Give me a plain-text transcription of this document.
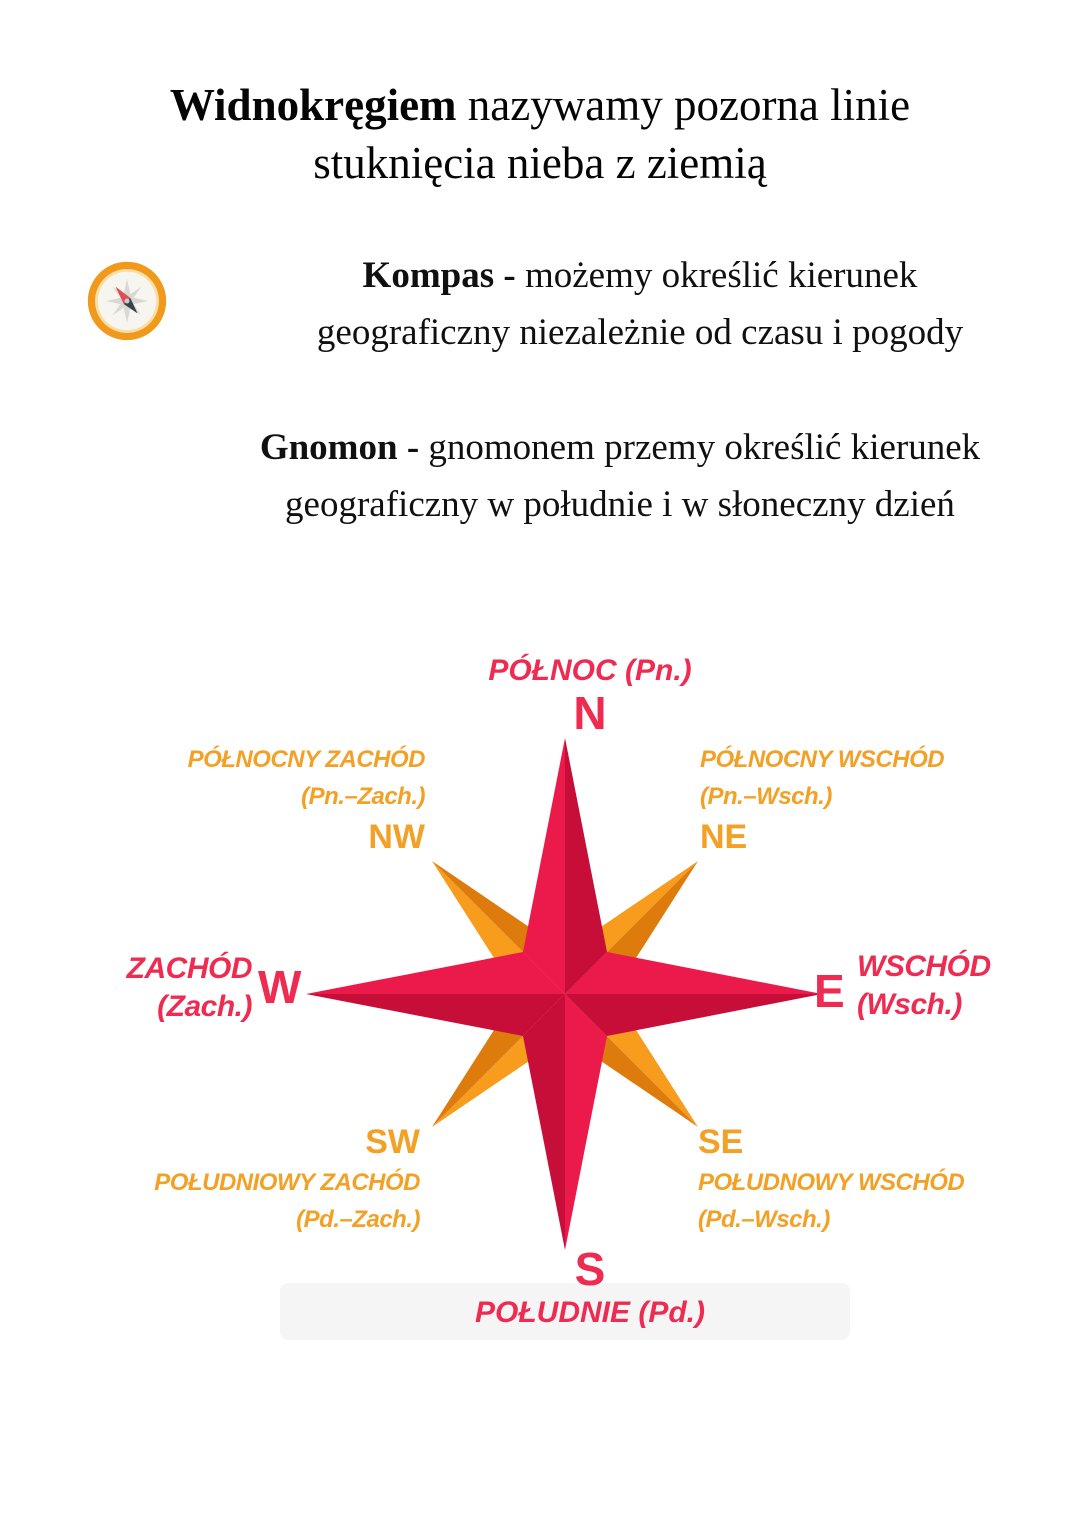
Widnokręgiem nazywamy pozorna linie
stuknięcia nieba z ziemią
Kompas - możemy określić kierunek
geograficzny niezależnie od czasu i pogody
Gnomon - gnomonem przemy określić kierunek
geograficzny w południe i w słoneczny dzień
PÓŁNOC (Pn.)
N
PÓŁNOCNY ZACHÓD
(Pn.–Zach.)
NW
PÓŁNOCNY WSCHÓD
(Pn.–Wsch.)
NE
ZACHÓD
(Zach.) W	E WSCHÓD
(Wsch.)
SW
POŁUDNIOWY ZACHÓD
(Pd.–Zach.)
SE
POŁUDNOWY WSCHÓD
(Pd.–Wsch.)
S
POŁUDNIE (Pd.)
